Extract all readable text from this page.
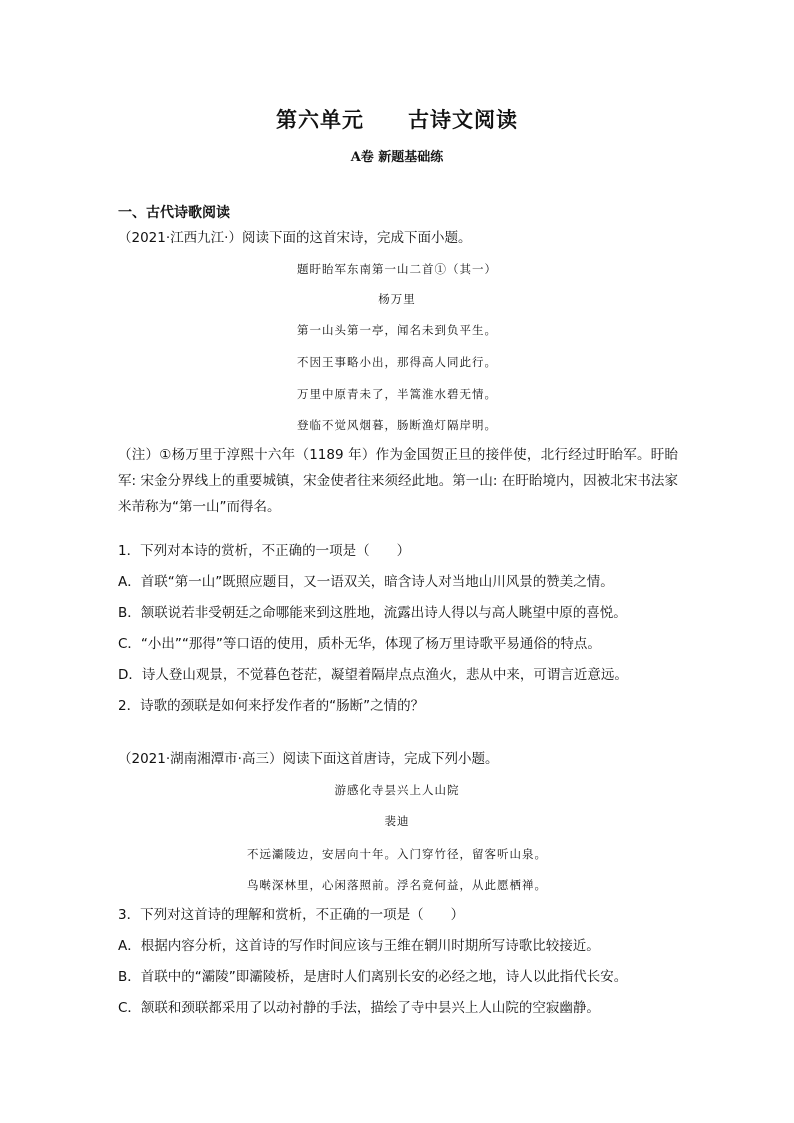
第六单元　　古诗文阅读
A卷 新题基础练
一、古代诗歌阅读
（2021·江西九江·）阅读下面的这首宋诗，完成下面小题。
题盱眙军东南第一山二首①（其一）
杨万里
第一山头第一亭，闻名未到负平生。
不因王事略小出，那得高人同此行。
万里中原青未了，半篙淮水碧无情。
登临不觉风烟暮，肠断渔灯隔岸明。
（注）①杨万里于淳熙十六年（1189 年）作为金国贺正旦的接伴使，北行经过盱眙军。盱眙军: 宋金分界线上的重要城镇，宋金使者往来须经此地。第一山: 在盱眙境内，因被北宋书法家米芾称为“第一山”而得名。
1．下列对本诗的赏析，不正确的一项是（　　）
A．首联“第一山”既照应题目，又一语双关，暗含诗人对当地山川风景的赞美之情。
B．颔联说若非受朝廷之命哪能来到这胜地，流露出诗人得以与高人眺望中原的喜悦。
C．“小出”“那得”等口语的使用，质朴无华，体现了杨万里诗歌平易通俗的特点。
D．诗人登山观景，不觉暮色苍茫，凝望着隔岸点点渔火，悲从中来，可谓言近意远。
2．诗歌的颈联是如何来抒发作者的“肠断”之情的？
（2021·湖南湘潭市·高三）阅读下面这首唐诗，完成下列小题。
游感化寺昙兴上人山院
裴迪
不远灞陵边，安居向十年。入门穿竹径，留客听山泉。
鸟啭深林里，心闲落照前。浮名竟何益，从此愿栖禅。
3．下列对这首诗的理解和赏析，不正确的一项是（　　）
A．根据内容分析，这首诗的写作时间应该与王维在辋川时期所写诗歌比较接近。
B．首联中的“灞陵”即灞陵桥，是唐时人们离别长安的必经之地，诗人以此指代长安。
C．颔联和颈联都采用了以动衬静的手法，描绘了寺中昙兴上人山院的空寂幽静。
